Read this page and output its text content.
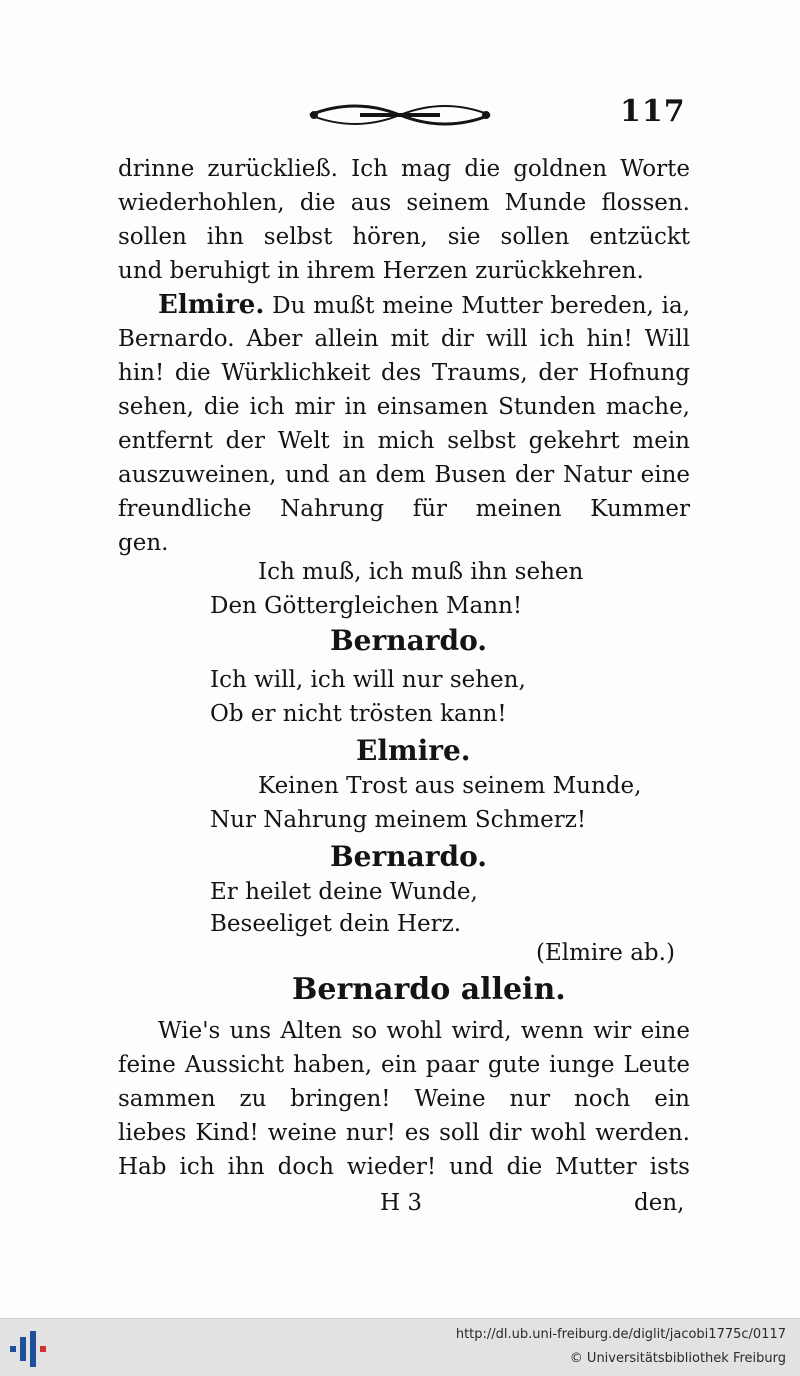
117
drinne zurückließ. Ich mag die goldnen Worte
wiederhohlen, die aus seinem Munde flossen.
sollen ihn selbst hören, sie sollen entzückt
und beruhigt in ihrem Herzen zurückkehren.
Elmire. Du mußt meine Mutter bereden, ia,
Bernardo. Aber allein mit dir will ich hin! Will
hin! die Würklichkeit des Traums, der Hofnung
sehen, die ich mir in einsamen Stunden mache,
entfernt der Welt in mich selbst gekehrt mein
auszuweinen, und an dem Busen der Natur eine
freundliche Nahrung für meinen Kummer
gen.
Ich muß, ich muß ihn sehen
Den Göttergleichen Mann!
Bernardo.
Ich will, ich will nur sehen,
Ob er nicht trösten kann!
Elmire.
Keinen Trost aus seinem Munde,
Nur Nahrung meinem Schmerz!
Bernardo.
Er heilet deine Wunde,
Beseeliget dein Herz.
(Elmire ab.)
Bernardo allein.
Wie's uns Alten so wohl wird, wenn wir eine
feine Aussicht haben, ein paar gute iunge Leute
sammen zu bringen! Weine nur noch ein
liebes Kind! weine nur! es soll dir wohl werden.
Hab ich ihn doch wieder! und die Mutter ists
H 3	den,
http://dl.ub.uni-freiburg.de/diglit/jacobi1775c/0117
© Universitätsbibliothek Freiburg
